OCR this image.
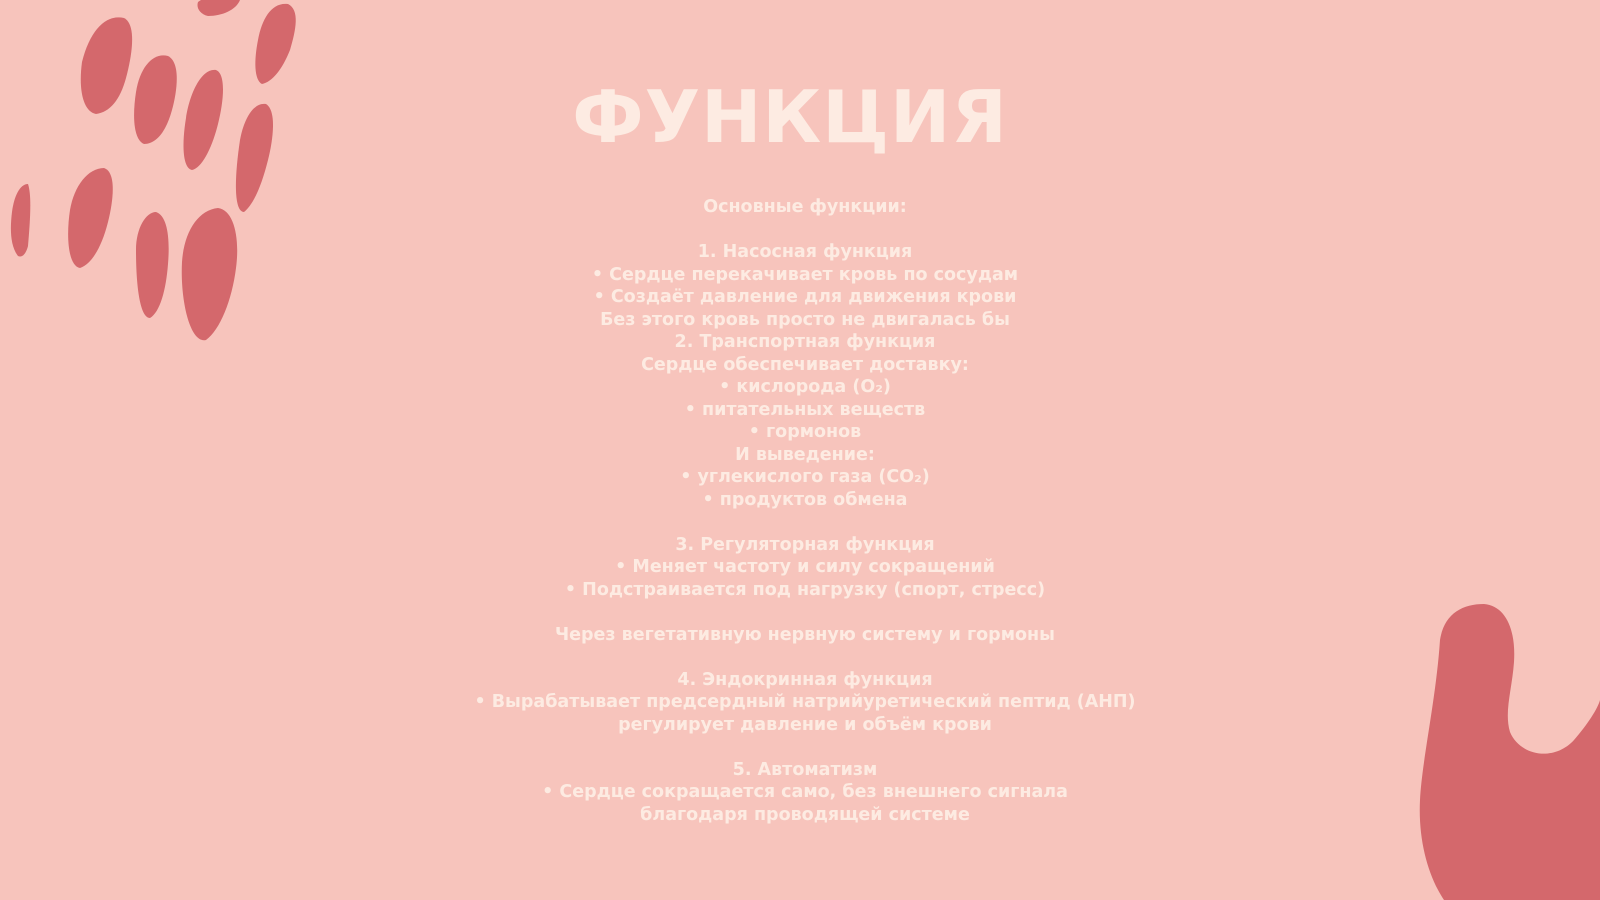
ФУНКЦИЯ
Основные функции:
1. Насосная функция
• Сердце перекачивает кровь по сосудам
• Создаёт давление для движения крови
Без этого кровь просто не двигалась бы
2. Транспортная функция
Сердце обеспечивает доставку:
• кислорода (O₂)
• питательных веществ
• гормонов
И выведение:
• углекислого газа (CO₂)
• продуктов обмена
3. Регуляторная функция
• Меняет частоту и силу сокращений
• Подстраивается под нагрузку (спорт, стресс)
Через вегетативную нервную систему и гормоны
4. Эндокринная функция
• Вырабатывает предсердный натрийуретический пептид (АНП)
регулирует давление и объём крови
5. Автоматизм
• Сердце сокращается само, без внешнего сигнала
благодаря проводящей системе
